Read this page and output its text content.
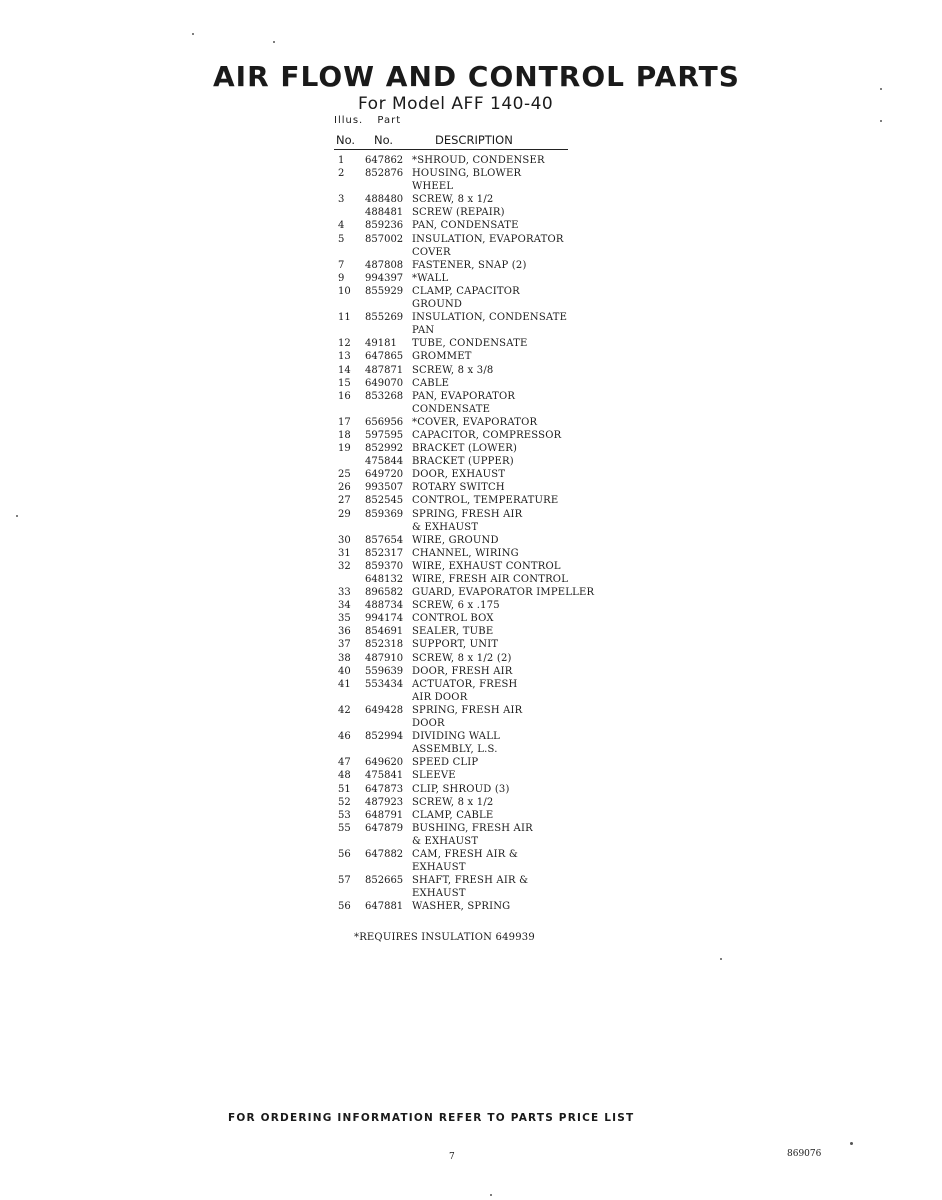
AIR FLOW AND CONTROL PARTS
For Model AFF 140-40
Illus. Part
No. No.	DESCRIPTION
1	647862 *SHROUD, CONDENSER
2	852876 HOUSING, BLOWER
WHEEL
3	488480 SCREW, 8 x 1/2
488481 SCREW (REPAIR)
4	859236 PAN, CONDENSATE
5	857002 INSULATION, EVAPORATOR
COVER
7	487808 FASTENER, SNAP (2)
9	994397 *WALL
10	855929 CLAMP, CAPACITOR
GROUND
11	855269 INSULATION, CONDENSATE
PAN
12	49181	TUBE, CONDENSATE
13	647865 GROMMET
14	487871 SCREW, 8 x 3/8
15	649070 CABLE
16	853268 PAN, EVAPORATOR
CONDENSATE
17	656956 *COVER, EVAPORATOR
18	597595 CAPACITOR, COMPRESSOR
19	852992 BRACKET (LOWER)
475844 BRACKET (UPPER)
25	649720 DOOR, EXHAUST
26	993507 ROTARY SWITCH
27	852545 CONTROL, TEMPERATURE
29	859369 SPRING, FRESH AIR
& EXHAUST
30	857654 WIRE, GROUND
31	852317 CHANNEL, WIRING
32	859370 WIRE, EXHAUST CONTROL
648132 WIRE, FRESH AIR CONTROL
33	896582 GUARD, EVAPORATOR IMPELLER
34	488734 SCREW, 6 x .175
35	994174 CONTROL BOX
36	854691 SEALER, TUBE
37	852318 SUPPORT, UNIT
38	487910 SCREW, 8 x 1/2 (2)
40	559639 DOOR, FRESH AIR
41	553434 ACTUATOR, FRESH
AIR DOOR
42	649428 SPRING, FRESH AIR
DOOR
46	852994 DIVIDING WALL
ASSEMBLY, L.S.
47	649620 SPEED CLIP
48	475841 SLEEVE
51	647873 CLIP, SHROUD (3)
52	487923 SCREW, 8 x 1/2
53	648791 CLAMP, CABLE
55	647879 BUSHING, FRESH AIR
& EXHAUST
56	647882 CAM, FRESH AIR &
EXHAUST
57	852665 SHAFT, FRESH AIR &
EXHAUST
56	647881 WASHER, SPRING
*REQUIRES INSULATION 649939
FOR ORDERING INFORMATION REFER TO PARTS PRICE LIST
7	869076
